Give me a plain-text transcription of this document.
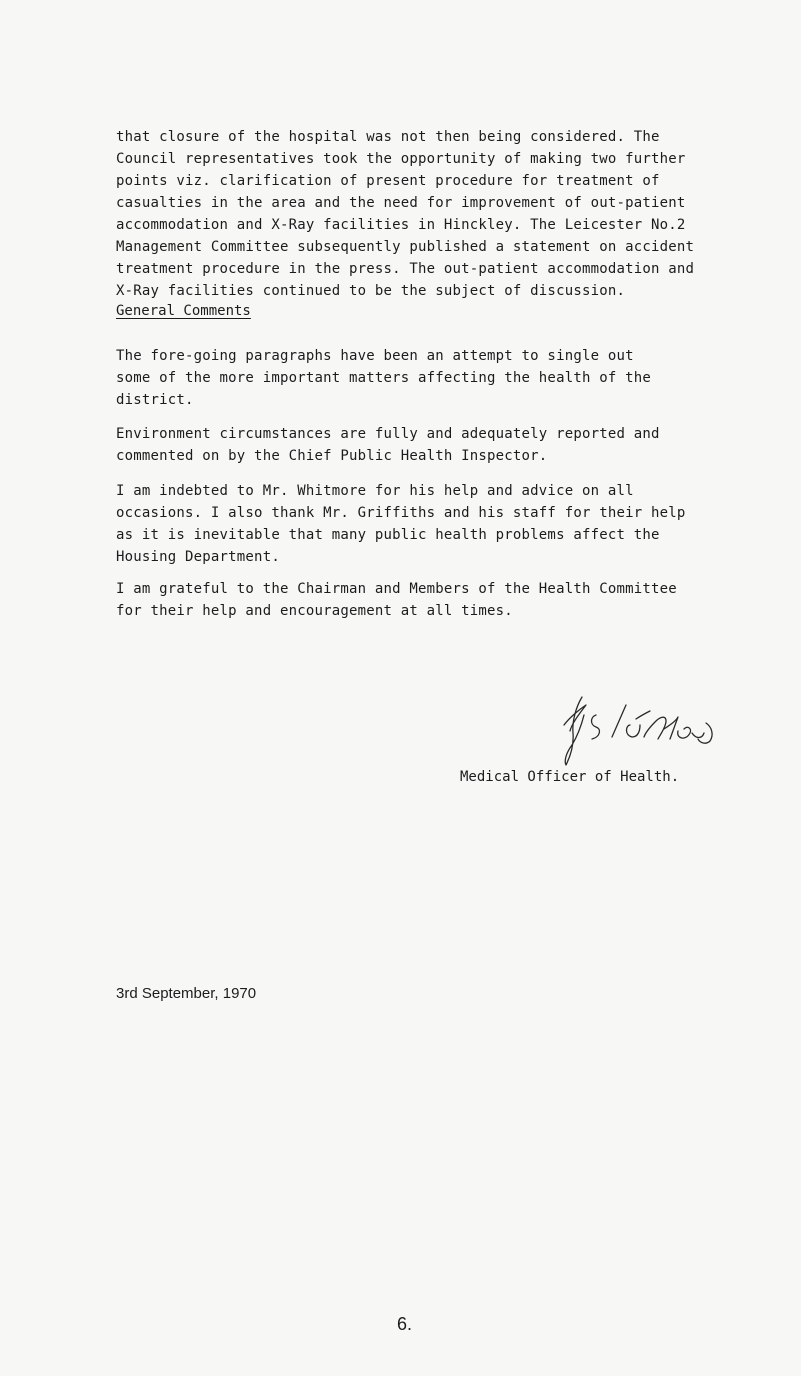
that closure of the hospital was not then being considered. The
Council representatives took the opportunity of making two further
points viz. clarification of present procedure for treatment of
casualties in the area and the need for improvement of out-patient
accommodation and X-Ray facilities in Hinckley. The Leicester No.2
Management Committee subsequently published a statement on accident
treatment procedure in the press. The out-patient accommodation and
X-Ray facilities continued to be the subject of discussion.

General Comments

The fore-going paragraphs have been an attempt to single out
some of the more important matters affecting the health of the
district.

Environment circumstances are fully and adequately reported and
commented on by the Chief Public Health Inspector.

I am indebted to Mr. Whitmore for his help and advice on all
occasions. I also thank Mr. Griffiths and his staff for their help
as it is inevitable that many public health problems affect the
Housing Department.

I am grateful to the Chairman and Members of the Health Committee
for their help and encouragement at all times.

Medical Officer of Health.

3rd September, 1970

6.
